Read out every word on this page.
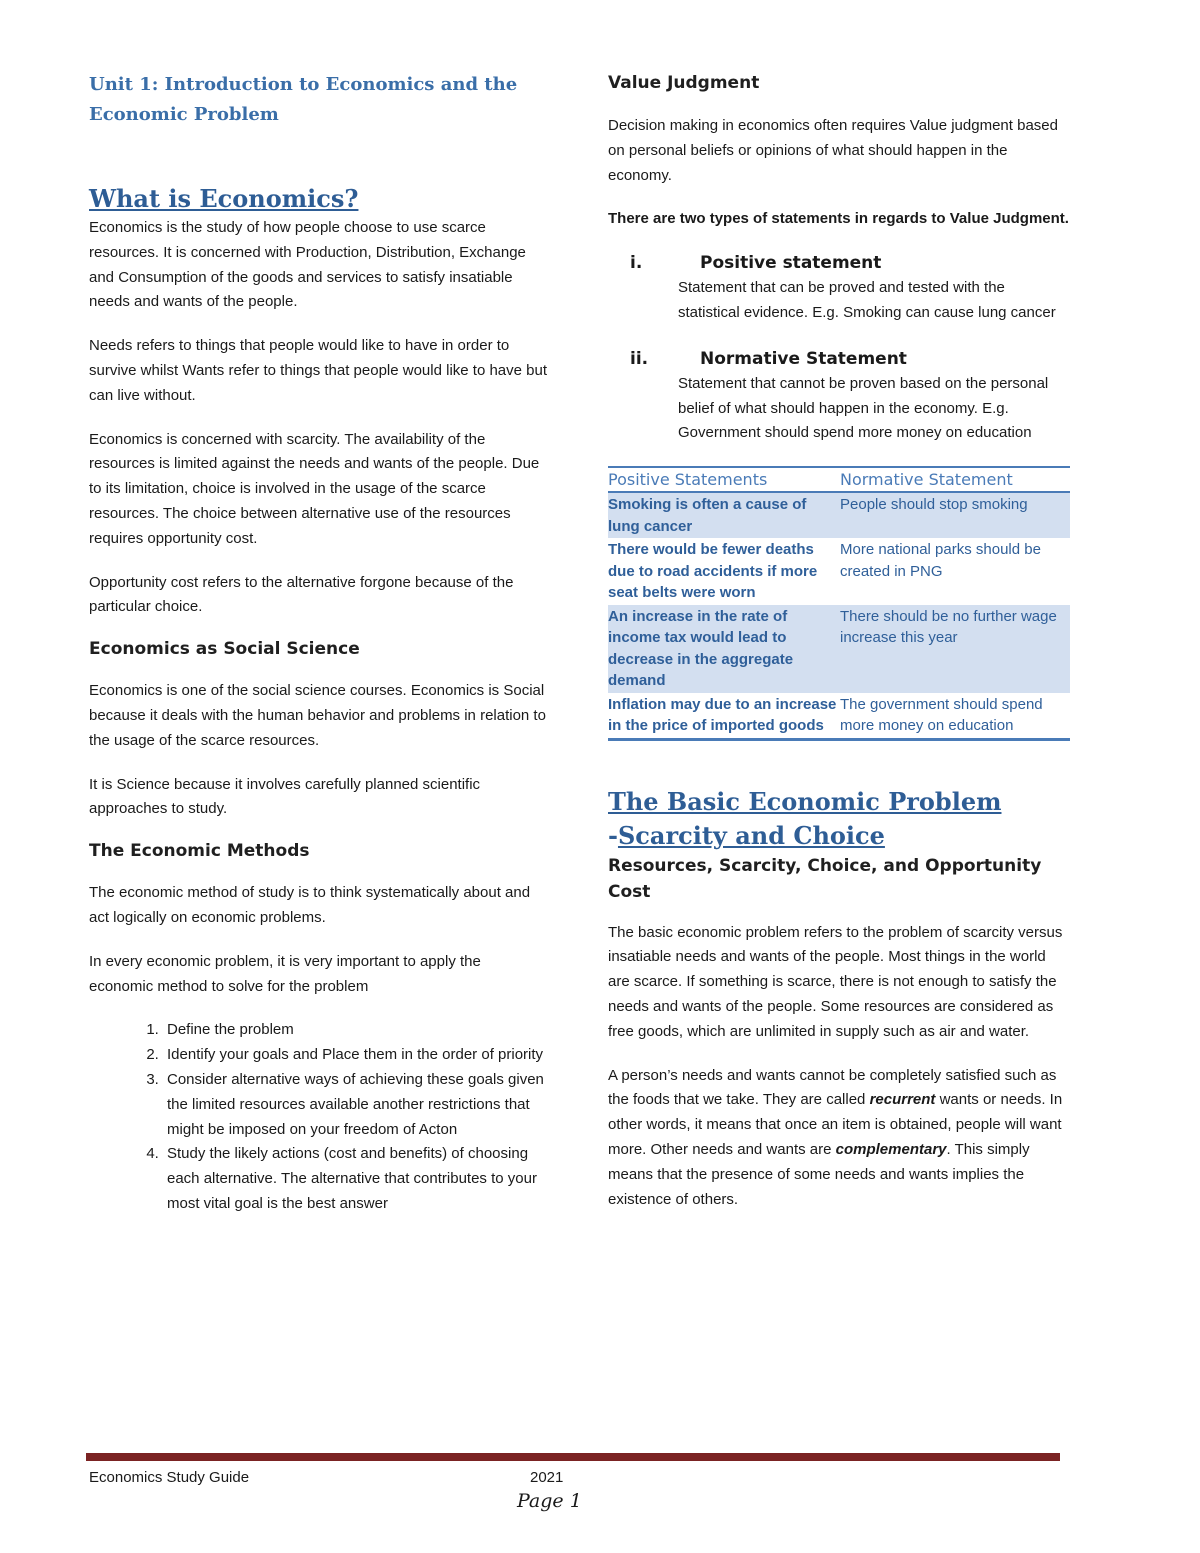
Unit 1: Introduction to Economics and the Economic Problem
What is Economics?

Economics is the study of how people choose to use scarce resources. It is concerned with Production, Distribution, Exchange and Consumption of the goods and services to satisfy insatiable needs and wants of the people.

Needs refers to things that people would like to have in order to survive whilst Wants refer to things that people would like to have but can live without.

Economics is concerned with scarcity. The availability of the resources is limited against the needs and wants of the people. Due to its limitation, choice is involved in the usage of the scarce resources. The choice between alternative use of the resources requires opportunity cost.

Opportunity cost refers to the alternative forgone because of the particular choice.

Economics as Social Science

Economics is one of the social science courses. Economics is Social because it deals with the human behavior and problems in relation to the usage of the scarce resources.

It is Science because it involves carefully planned scientific approaches to study.

The Economic Methods

The economic method of study is to think systematically about and act logically on economic problems.

In every economic problem, it is very important to apply the economic method to solve for the problem

1. Define the problem
2. Identify your goals and Place them in the order of priority
3. Consider alternative ways of achieving these goals given the limited resources available another restrictions that might be imposed on your freedom of Acton
4. Study the likely actions (cost and benefits) of choosing each alternative. The alternative that contributes to your most vital goal is the best answer
Value Judgment

Decision making in economics often requires Value judgment based on personal beliefs or opinions of what should happen in the economy.

There are two types of statements in regards to Value Judgment.

i.	Positive statement

Statement that can be proved and tested with the statistical evidence. E.g. Smoking can cause lung cancer

ii.	Normative Statement

Statement that cannot be proven based on the personal belief of what should happen in the economy. E.g. Government should spend more money on education

Positive Statements	Normative Statement
Smoking is often a cause of lung cancer	People should stop smoking
There would be fewer deaths due to road accidents if more seat belts were worn	More national parks should be created in PNG
An increase in the rate of income tax would lead to decrease in the aggregate demand	There should be no further wage increase this year
Inflation may due to an increase in the price of imported goods	The government should spend more money on education
The Basic Economic Problem
-Scarcity and Choice
Resources, Scarcity, Choice, and Opportunity Cost

The basic economic problem refers to the problem of scarcity versus insatiable needs and wants of the people. Most things in the world are scarce. If something is scarce, there is not enough to satisfy the needs and wants of the people. Some resources are considered as free goods, which are unlimited in supply such as air and water.

A person’s needs and wants cannot be completely satisfied such as the foods that we take. They are called recurrent wants or needs. In other words, it means that once an item is obtained, people will want more. Other needs and wants are complementary. This simply means that the presence of some needs and wants implies the existence of others.

Economics Study Guide	2021
Page 1
